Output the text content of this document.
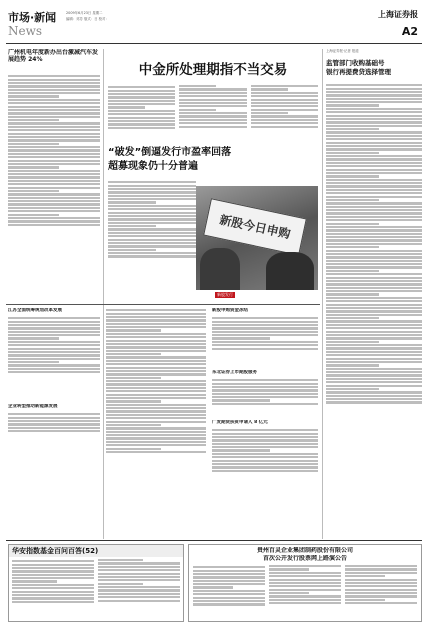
市场·新闻
News
2009年6月23日 星期二
编辑：邓芳 版式：日 校对：	上海证券报
A2
广州机电年度新办出台激减汽车发展趋势 24%
中金所处理期指不当交易
“破发”倒逼发行市盈率回落
超募现象仍十分普遍
新股今日申购
新股发行
上海证券报·记者 报道
监管部门收购基础号
银行再提费贷选择管理
江苏全面统筹规划改革发展
企业转型推动新能源发展
新股申购资金冻结
东北证券上市期股服务
广发期货扶贫申请人 8 亿元
华安指数基金百问百答(52)	贵州百灵企业集团制药股份有限公司
首次公开发行股票网上路演公告
